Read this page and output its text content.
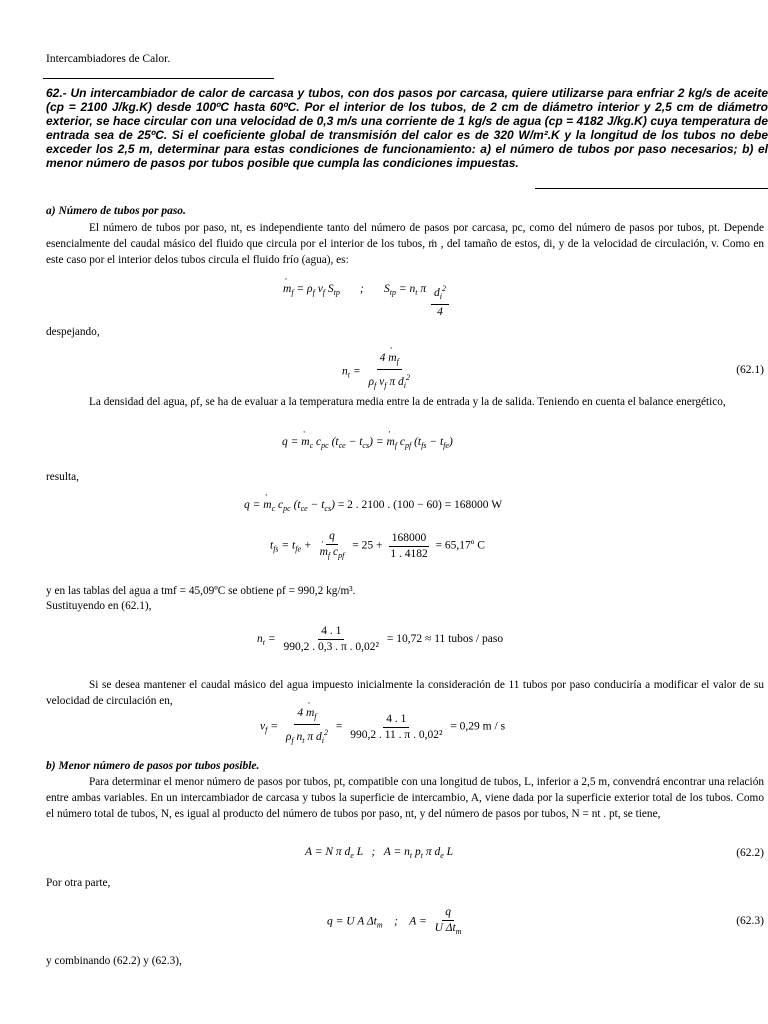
Intercambiadores de Calor.
62.- Un intercambiador de calor de carcasa y tubos, con dos pasos por carcasa, quiere utilizarse para enfriar 2 kg/s de aceite (cp = 2100 J/kg.K) desde 100ºC hasta 60ºC. Por el interior de los tubos, de 2 cm de diámetro interior y 2,5 cm de diámetro exterior, se hace circular con una velocidad de 0,3 m/s una corriente de 1 kg/s de agua (cp = 4182 J/kg.K) cuya temperatura de entrada sea de 25ºC. Si el coeficiente global de transmisión del calor es de 320 W/m².K y la longitud de los tubos no debe exceder los 2,5 m, determinar para estas condiciones de funcionamiento: a) el número de tubos por paso necesarios; b) el menor número de pasos por tubos posible que cumpla las condiciones impuestas.
a) Número de tubos por paso.
El número de tubos por paso, nt, es independiente tanto del número de pasos por carcasa, pc, como del número de pasos por tubos, pt. Depende esencialmente del caudal másico del fluido que circula por el interior de los tubos, ṁ , del tamaño de estos, di, y de la velocidad de circulación, v. Como en este caso por el interior delos tubos circula el fluido frío (agua), es:
˙ $m_f = \rho_f$ $v_f$ $S_{tp}$       ;       $S_{tp} = n_t$ π $\frac{d_i^2}{4}$
despejando,
$n_t = \frac{4 ˙ m_f}{\rho_f v_f \pi d_i^2}$	(62.1)
La densidad del agua, ρf, se ha de evaluar a la temperatura media entre la de entrada y la de salida. Teniendo en cuenta el balance energético,
q = ˙ $m_c$ $c_{pc}$ $(t_{ce} - t_{cs})$ = ˙ $m_f$ $c_{pf}$ $(t_{fs} - t_{fe})$
resulta,
q = ˙ $m_c$ $c_{pc}$ $(t_{ce} - t_{cs}) = 2$ . 2100 . (100 − 60) = 168000 W
$t_{fs} = t_{fe} + q$
˙ $m_f$ $c_{pf} = 25 + \frac{168000}{1 . 4182}$ = 65,17º C
y en las tablas del agua a tmf = 45,09ºC se obtiene ρf = 990,2 kg/m³.
Sustituyendo en (62.1),
$n_t = \frac{4 . 1}{\text{990,2 . 0,3 . π . 0,02²}} = 10,72 \approx 11$ tubos / paso
Si se desea mantener el caudal másico del agua impuesto inicialmente la consideración de 11 tubos por paso conduciría a modificar el valor de su velocidad de circulación en,
$v_f = \frac{4 ˙ m_f}{\rho_f n_t \pi d_i^2} = \frac{4 . 1}{\text{990,2 . 11 . π . 0,02²}} = 0,29$ m / s
b) Menor número de pasos por tubos posible.
Para determinar el menor número de pasos por tubos, pt, compatible con una longitud de tubos, L, inferior a 2,5 m, convendrá encontrar una relación entre ambas variables. En un intercambiador de carcasa y tubos la superficie de intercambio, A, viene dada por la superficie exterior total de los tubos. Como el número total de tubos, N, es igual al producto del número de tubos por paso, nt, y del número de pasos por tubos, N = nt . pt, se tiene,
A = N π $d_e$ L   ;   $A = n_t$ $p_t$ π $d_e$ L	(62.2)
Por otra parte,
q = U A $\Delta t_m$    ;    $A = \frac{q}{U \Delta t_m}$	(62.3)
y combinando (62.2) y (62.3),
